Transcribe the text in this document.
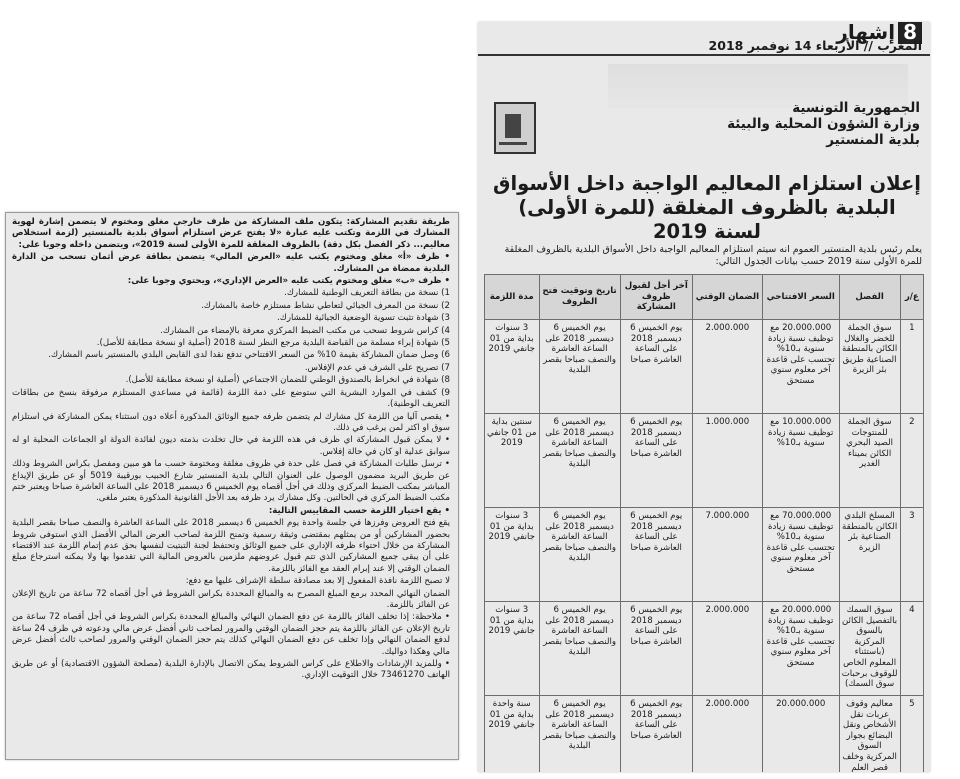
طريقة تقديم المشاركة: يتكون ملف المشاركة من ظرف خارجي مغلق ومختوم لا يتضمن إشارة لهوية المشارك في اللزمة وتكتب عليه عبارة «لا يفتح عرض استلزام أسواق بلدية بالمنستير (لزمة استخلاص معاليم... ذكر الفصل بكل دقة) بالظروف المغلقة للمرة الأولى لسنة 2019»، ويتضمن داخله وجوبا على:

• ظرف «أ» مغلق ومختوم يكتب عليه «العرض المالي» يتضمن بطاقة عرض أثمان تسحب من الدارة البلدية ممضاة من المشارك.

• ظرف «ب» مغلق ومختوم يكتب عليه «العرض الإداري»، ويحتوي وجوبا على:

1) نسخة من بطاقة التعريف الوطنية للمشارك.

2) نسخة من المعرف الجبائي لتعاطي نشاط مستلزم خاصة بالمشارك.

3) شهادة تثبت تسوية الوضعية الجبائية للمشارك.

4) كراس شروط تسحب من مكتب الضبط المركزي معرفة بالإمضاء من المشارك.

5) شهادة إبراء مسلمة من القباضة البلدية مرجع النظر لسنة 2018 (أصلية او نسخة مطابقة للأصل).

6) وصل ضمان المشاركة بقيمة 10% من السعر الافتتاحي تدفع نقدا لدى القابض البلدي بالمنستير باسم المشارك.

7) تصريح على الشرف في عدم الإفلاس.

8) شهادة في انخراط بالصندوق الوطني للضمان الاجتماعي (أصلية او نسخة مطابقة للأصل).

9) كشف في الموارد البشرية التي ستوضع على ذمة اللزمة (قائمة في مساعدي المستلزم مرفوقة بنسخ من بطاقات التعريف الوطنية).

• يقصى آليا من اللزمة كل مشارك لم يتضمن ظرفه جميع الوثائق المذكورة أعلاه دون استثناء يمكن المشاركة في استلزام سوق او اكثر لمن يرغب في ذلك.

• لا يمكن قبول المشاركة اي ظرف في هذه اللزمة في حال تخلدت بذمته ديون لفائدة الدولة او الجماعات المحلية او له سوابق عدلية او كان في حالة إفلاس.

• ترسل طلبات المشاركة في فصل على حدة في ظروف مغلقة ومختومة حسب ما هو مبين ومفصل بكراس الشروط وذلك عن طريق البريد مضمون الوصول على العنوان التالي بلدية المنستير شارع الحبيب بورقيبة 5019 أو عن طريق الإيداع المباشر بمكتب الضبط المركزي وذلك في أجل أقصاه يوم الخميس 6 ديسمبر 2018 على الساعة العاشرة صباحا ويعتبر ختم مكتب الضبط المركزي في الحالتين. وكل مشارك يرد ظرفه بعد الأجل القانونية المذكورة يعتبر ملغى.

• يقع اختيار اللزمة حسب المقاييس التالية:

يقع فتح العروض وفرزها في جلسة واحدة يوم الخميس 6 ديسمبر 2018 على الساعة العاشرة والنصف صباحا بقصر البلدية بحضور المشاركين أو من يمثلهم بمقتضى وثيقة رسمية وتمنح اللزمة لصاحب العرض المالي الأفضل الذي استوفى شروط المشاركة من خلال احتواء ظرفه الإداري على جميع الوثائق وتحتفظ لجنة التبتيت لنفسها بحق عدم إتمام اللزمة عند الاقتضاء على أن يبقى جميع المشاركين الذي تتم قبول عروضهم ملزمين بالعروض المالية التي تقدموا بها ولا يمكنه استرجاع مبلغ الضمان الوقتي إلا عند إبرام العقد مع الفائز باللزمة.

لا تصبح اللزمة نافذة المفعول إلا بعد مصادقة سلطة الإشراف عليها مع دفع:

الضمان النهائي المحدد برمع المبلغ المصرح به والمبالغ المحددة بكراس الشروط في أجل أقصاه 72 ساعة من تاريخ الإعلان عن الفائز باللزمة.

• ملاحظة: إذا تخلف الفائز باللزمة عن دفع الضمان النهائي والمبالغ المحددة بكراس الشروط في أجل أقصاه 72 ساعة من تاريخ الإعلان عن الفائز باللزمة يتم حجز الضمان الوقتي والمرور لصاحب ثاني أفضل عرض مالي ودعوته في ظرف 24 ساعة لدفع الضمان النهائي وإذا تخلف عن دفع الضمان النهائي كذلك يتم حجز الضمان الوقتي والمرور لصاحب ثالث أفضل عرض مالي وهكذا دواليك.

• وللمزيد الإرشادات والاطلاع على كراس الشروط يمكن الاتصال بالإدارة البلدية (مصلحة الشؤون الاقتصادية) أو عن طريق الهاتف 73461270 خلال التوقيت الإداري.

8إشهار
المغرب // الأربعاء 14 نوفمبر 2018
الجمهورية التونسية
وزارة الشؤون المحلية والبيئة
بلدية المنستير
إعلان استلزام المعاليم الواجبة داخل الأسواق البلدية بالظروف المغلقة (للمرة الأولى) لسنة 2019
يعلم رئيس بلدية المنستير العموم انه سيتم استلزام المعاليم الواجبة داخل الأسواق البلدية بالظروف المغلقة للمرة الأولى سنة 2019 حسب بيانات الجدول التالي:
ع/ر	الفصل	السعر الافتتاحي	الضمان الوقتي	آخر أجل لقبول ظروف المشاركة	تاريخ وتوقيت فتح الظروف	مدة اللزمة
1	سوق الجملة للخضر والغلال الكائن بالمنطقة الصناعية طريق بئر الزيرة	20.000.000 مع توظيف نسبة زيادة سنوية بـ10% تحتسب على قاعدة آخر معلوم سنوي مستحق	2.000.000	يوم الخميس 6 ديسمبر 2018 على الساعة العاشرة صباحا	يوم الخميس 6 ديسمبر 2018 على الساعة العاشرة والنصف صباحا بقصر البلدية	3 سنوات بداية من 01 جانفي 2019
2	سوق الجملة للمنتوجات الصيد البحري الكائن بميناء الغدير	10.000.000 مع توظيف نسبة زيادة سنوية بـ10%	1.000.000	يوم الخميس 6 ديسمبر 2018 على الساعة العاشرة صباحا	يوم الخميس 6 ديسمبر 2018 على الساعة العاشرة والنصف صباحا بقصر البلدية	سنتين بداية من 01 جانفي 2019
3	المسلخ البلدي الكائن بالمنطقة الصناعية بئر الزيرة	70.000.000 مع توظيف نسبة زيادة سنوية بـ10% تحتسب على قاعدة آخر معلوم سنوي مستحق	7.000.000	يوم الخميس 6 ديسمبر 2018 على الساعة العاشرة صباحا	يوم الخميس 6 ديسمبر 2018 على الساعة العاشرة والنصف صباحا بقصر البلدية	3 سنوات بداية من 01 جانفي 2019
4	سوق السمك بالتفصيل الكائن بالسوق المركزية (باستثناء المعلوم الخاص للوقوف برحبات سوق السمك)	20.000.000 مع توظيف نسبة زيادة سنوية بـ10% تحتسب على قاعدة آخر معلوم سنوي مستحق	2.000.000	يوم الخميس 6 ديسمبر 2018 على الساعة العاشرة صباحا	يوم الخميس 6 ديسمبر 2018 على الساعة العاشرة والنصف صباحا بقصر البلدية	3 سنوات بداية من 01 جانفي 2019
5	معاليم وقوف عربات نقل الأشخاص ونقل البضائع بجوار السوق المركزية وخلف قصر العلم	20.000.000	2.000.000	يوم الخميس 6 ديسمبر 2018 على الساعة العاشرة صباحا	يوم الخميس 6 ديسمبر 2018 على الساعة العاشرة والنصف صباحا بقصر البلدية	سنة واحدة بداية من 01 جانفي 2019
